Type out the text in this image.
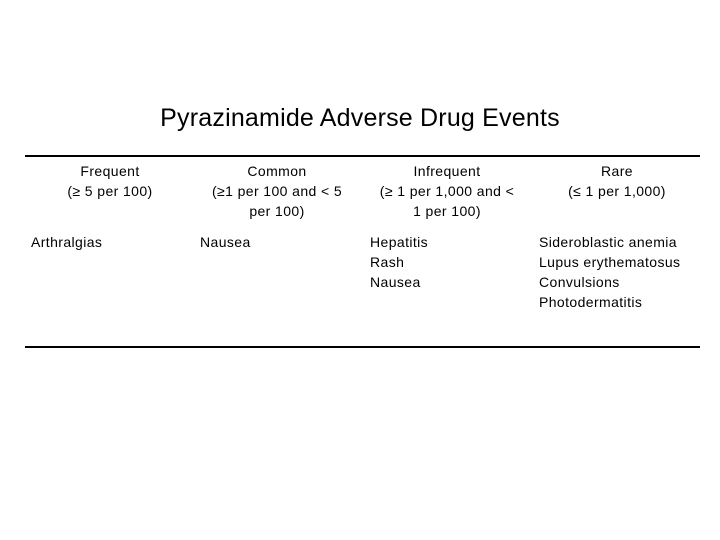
Pyrazinamide Adverse Drug Events
Frequent
(≥ 5 per 100)
Common
(≥1 per 100 and < 5
per 100)
Infrequent
(≥ 1 per 1,000 and <
1 per 100)
Rare
(≤ 1 per 1,000)
Arthralgias	Nausea	Hepatitis
Rash
Nausea
Sideroblastic anemia
Lupus erythematosus
Convulsions
Photodermatitis
